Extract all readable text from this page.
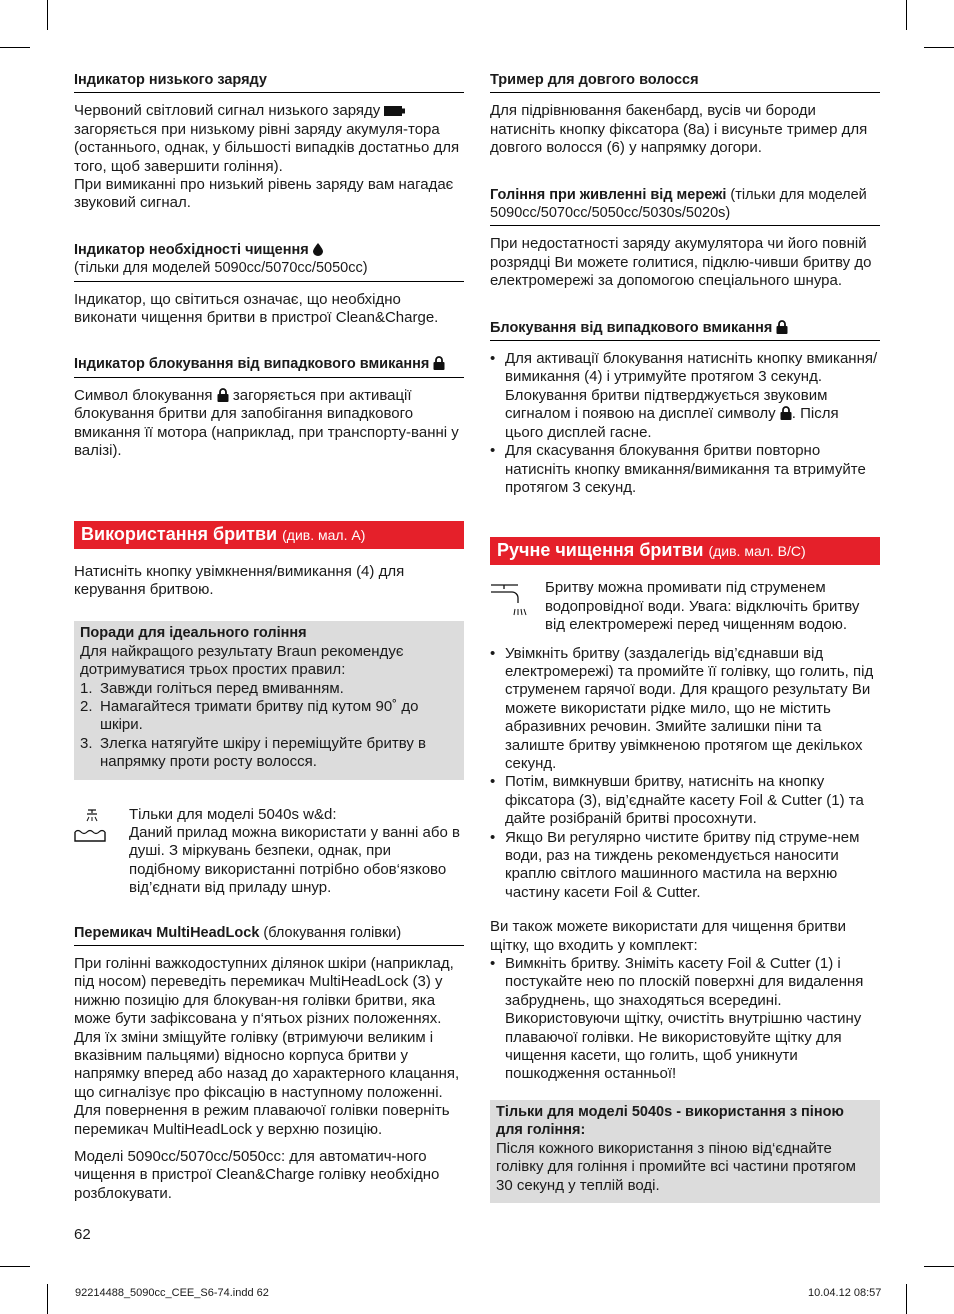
Індикатор низького заряду

Червоний світловий сигнал низького заряду  загоряється при низькому рівні заряду акумуля-тора (останнього, однак, у більшості випадків достатньо для того, щоб завершити гоління).

При вимиканні про низький рівень заряду вам нагадає звуковий сигнал.

Індикатор необхідності чищення
(тільки для моделей 5090cc/5070cc/5050cc)

Індикатор, що світиться означає, що необхідно виконати чищення бритви в пристрої Clean&Charge.

Індикатор блокування від випадкового вмикання

Символ блокування загоряється при активації блокування бритви для запобігання випадкового вмикання її мотора (наприклад, при транспорту-ванні у валізі).

Використання бритви (див. мал. A)

Натисніть кнопку увімкнення/вимикання (4) для керування бритвою.

Поради для ідеального гоління

Для найкращого результату Braun рекомендує дотримуватися трьох простих правил:

1. Завжди голіться перед вмиванням.
2. Намагайтеся тримати бритву під кутом 90˚ до шкіри.
3. Злегка натягуйте шкіру і переміщуйте бритву в напрямку проти росту волосся.

Тільки для моделі 5040s w&d:

Даний прилад можна використати у ванні або в душі. З міркувань безпеки, однак, при подібному використанні потрібно обов‘язково від’єднати від приладу шнур.

Перемикач MultiHeadLock (блокування голівки)

При голінні важкодоступних ділянок шкіри (наприклад, під носом) переведіть перемикач MultiHeadLock (3) у нижню позицію для блокуван-ня голівки бритви, яка може бути зафіксована у п‘ятьох різних положеннях. Для їх зміни зміщуйте голівку (втримуючи великим і вказівним пальцями) відносно корпуса бритви у напрямку вперед або назад до характерного клацання, що сигналізує про фіксацію в наступному положенні. Для повернення в режим плаваючої голівки поверніть перемикач MultiHeadLock у верхню позицію.

Моделі 5090cc/5070cc/5050cc: для автоматич-ного чищення в пристрої Clean&Charge голівку необхідно розблокувати.

Тример для довгого волосся

Для підрівнювання бакенбард, вусів чи бороди натисніть кнопку фіксатора (8a) і висуньте тример для довгого волосся (6) у напрямку догори.

Гоління при живленні від мережі (тільки для моделей 5090cc/5070cc/5050cc/5030s/5020s)

При недостатності заряду акумулятора чи його повній розрядці Ви можете голитися, підклю-чивши бритву до електромережі за допомогою спеціального шнура.

Блокування від випадкового вмикання
• Для активації блокування натисніть кнопку вмикання/вимикання (4) і утримуйте протягом 3 секунд. Блокування бритви підтверджується звуковим сигналом і появою на дисплеї символу . Після цього дисплей гасне.
• Для скасування блокування бритви повторно натисніть кнопку вмикання/вимикання та втримуйте протягом 3 секунд.
Ручне чищення бритви (див. мал. B/C)

Бритву можна промивати під струменем водопровідної води. Увага: відключіть бритву від електромережі перед чищенням водою.

• Увімкніть бритву (заздалегідь від’єднавши від електромережі) та промийте її голівку, що голить, під струменем гарячої води. Для кращого результату Ви можете використати рідке мило, що не містить абразивних речовин. Змийте залишки піни та залиште бритву увімкненою протягом ще декількох секунд.
• Потім, вимкнувши бритву, натисніть на кнопку фіксатора (3), від’єднайте касету Foil & Cutter (1) та дайте розібраній бритві просохнути.
• Якщо Ви регулярно чистите бритву під струме-нем води, раз на тиждень рекомендується наносити краплю світлого машинного мастила на верхню частину касети Foil & Cutter.

Ви також можете використати для чищення бритви щітку, що входить у комплект:

• Вимкніть бритву. Зніміть касету Foil & Cutter (1) і постукайте нею по плоскій поверхні для видалення забруднень, що знаходяться всередині. Використовуючи щітку, очистіть внутрішню частину плаваючої голівки. Не використовуйте щітку для чищення касети, що голить, щоб уникнути пошкодження останньої!
Тільки для моделі 5040s - використання з піною для гоління:

Після кожного використання з піною від‘єднайте голівку для гоління і промийте всі частини протягом 30 секунд у теплій воді.

62
92214488_5090cc_CEE_S6-74.indd 62	10.04.12 08:57
